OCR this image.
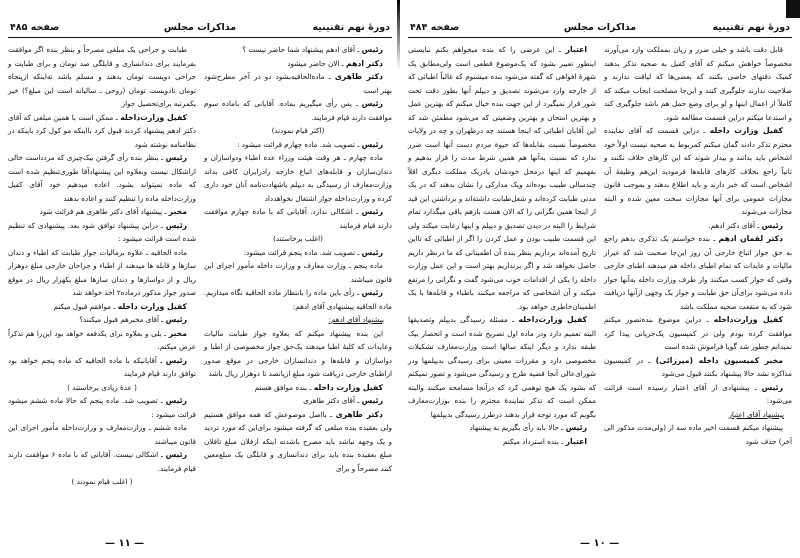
دورهٔ نهم تقنینیه
مذاکرات مجلس
صفحه ۴۸۵
رئیس ـ آقای ادهم پیشنهاد شما حاضر نیست ؟
دکتر ادهم ـ الان حاضر میشود
دکتر طاهری ـ ماده‌الحاقیه‌بشود دو در آخر مطرح‌شود بهتر است
رئیس ـ پس رأی میگیریم بماده. آقایانی که باماده سوم موافقت دارند قیام فرمایند.
(اکثر قیام نمودند)
رئیس ـ تصویب شد. ماده چهارم قرائت میشود :
ماده چهارم ـ هر وقت هیئت وزراء عده اطباء ودواسازان و دندان‌سازان و قابله‌های اتباع خارجه رادرایران کافی بداند وزارت‌معارف از رسیدگی به دیپلم یاشهادت‌نامه آنان خود داری کرده و وزارت‌داخله جواز اشتغال نخواهدداد
رئیس ـ اشکالی ندارد. آقایانی که با ماده چهارم موافقت دارند قیام فرمایند
(اغلب برخاستند)
رئیس ـ تصویب شد. ماده پنجم قرائت میشود:
ماده پنجم ـ وزارت معارف و وزارت داخله مأمور اجرای این قانون میباشند
رئیس ـ رأی باین ماده را بانتظار ماده الحاقیه نگاه میداریم. ماده الحاقیه پیشنهادی آقای ادهم:
پیشنهاد آقای ادهم:
این بنده پیشنهاد میکنم که بعلاوه جواز طبابت مالیات وعایدات که کلیهٔ اطبا میدهند یک‌حق جواز مخصوصی از اطبا و دواسازان و قابله‌ها و دندانسازان خارجی در موقع صدور ازاطبای خارجی دریافت شود مبلغ ازپانصد تا دوهزار ریال باشد
کفیل وزارت داخله ـ بنده موافق هستم
رئیس ـ آقای دکتر طاهری
دکتر طاهری ـ بااصل موضوعش که همه موافق هستیم ولی بعقیده بنده مبلغی که گرفته میشود برای‌این که مورد تردید و یک وجهه نباشد باید مصرح باشدنه اینکه ازفلان مبلغ تافلان مبلغ بعقیده بنده باید برای دندانسازی و قابلگی یک مبلغ‌معین کنند مصرحاً و برای
طبابت و جراحی یک مبلغی مصرحاً و بنظر بنده اگر موافقت بفرمایند برای دندانسازی و قابلگی صد تومان و برای طبابت و جراحی دویست تومان بدهند و مسلم باشد نه‌اینکه ازپنجاه تومان تادویست تومان (روحی ـ سالیانه است این مبلغ؟) خیر یکمرتبه برای‌تحصیل جواز
کفیل وزارت‌داخله ـ ممکن است با همین مبلغی که آقای دکتر ادهم پیشنهاد کردند قبول کرد بااینکه مو کول کرد باینکه در نظامنامه نوشته شود
رئیس ـ بنظر بنده رأی گرفتن بیک‌چیزی که مردداست خالی ازاشکال نیست وبعلاوه این پیشنهادآقا طوری‌تنظیم شده است که ماده نمیتواند بشود. اعاده میدهیم خود آقای کفیل وزارت‌داخله ماده را تنظیم کنند و اعاده بدهند
مخبر ـ پیشنهاد آقای دکتر طاهری هم قرائت شود
رئیس ـ دراین پیشنهاد توافق شود بعد. پیشنهادی که تنظیم شده است قرائت میشود :
ماده الحاقیه ـ علاوه برمالیات جواز طبابت که اطباء و دندان سازها و قابله ها میدهند از اطباء و جراحان خارجی مبلغ دوهزار ریال و از دواسازها و دندان سازها مبلغ یکهزار ریال در موقع صدور جواز مذکور درماده۲ اخذ خواهد شد
کفیل وزارت داخله ـ موافقم قبول میکنم
رئیس ـ آقای مخبرهم قبول میکنند؟
مخبر ـ بلی و بعلاوه برای یکدفعه خواهد بود این‌را هم تذکراً عرض میکنم.
رئیس ـ آقایانیکه با ماده الحاقیه که ماده پنجم خواهد بود توافق دارند قیام فرمایند
( عدهٔ زیادی برخاستند )
رئیس ـ تصویب شد. ماده پنجم که حالا ماده ششم میشود قرائت میشود :
ماده ششم ـ وزارت‌معارف و وزارت‌داخله مأمور اجرای این قانون میباشند
رئیس ـ اشکالی نیست. آقایانی که با ماده ۶ موافقت دارند قیام فرمایند.
( اغلب قیام نمودند )
— ۱۱ —
دورهٔ نهم تقنینیه
مذاکرات مجلس
صفحه ۴۸۴
قابل دقت باشد و خیلی ضرر و زیان بمملکت وارد می‌آورند مخصوصاً خواهش میکنم که آقای کفیل به صحیه تذکر بدهند کمیک دقتهای خاصی بکنند که بعضی‌ها که لیاقت ندارند و صلاحیت ندارند جلوگیری کنند و این‌جا مصلحت ایجاب میکند که کاملاً از اعمال اینها و لو برای وضع حمل هم باشد جلوگیری کند و استدعا میکنم دراین قسمت مطالعه شود.
کفیل وزارت داخله ـ دراین قسمت که آقای نماینده محترم تذکر دادند گمان میکنم کمربوط به صحیه نیست اولاً خود اشخاص باید بدانند و بیدار شوند که این کارهای خلاف نکنند و ثانیاً راجع بخلاف کارهای قابله‌ها فرمودید این‌هم وظیفهٔ آن اشخاص است که خبر دارند و باید اطلاع بدهند و بموجب قانون مجازات عمومی برای آنها مجازات سخت معین شده و البته مجازات می‌شوند
رئیس ـ آقای دکتر ادهم.
دکتر لقمان ادهم ـ بنده خواستم یک تذکری بدهم راجع به حق جواز اتباع خارجی آن روز این‌جا صحبت شد که غیراز مالیات و عایدات که تمام اطبای داخله هم میدهند اطبای خارجی وقتی که جواز کسب میکنند واز طرف وزارت داخله به‌آنها جواز داده می‌شود برای‌آن حق طبابت و جواز یک وجهی ازآنها دریافت شود که به منفعت صحیه مملکت باشد
کفیل وزارت‌داخله ـ دراین موضوع بنده‌تصور میکنم موافقت کرده بودم ولی در کمیسیون یک‌جریانی پیدا کرد نمیدانم چطور شد گویا فراموش شده است
مخبر کمیسیون داخله (میرزائی) ـ در کمیسیون مذاکره نشد حالا پیشنهاد بکنند قبول می‌شود
رئیس ـ پیشنهادی از آقای اعتبار رسیده است قرائت می‌شود:
پیشنهاد آقای اعتبار
پیشنهاد میکنم قسمت اخیر ماده سه از (ولی‌مدت مذکور الی آخر) حذف شود
اعتبار ـ این عرضی را که بنده میخواهم بکنم نبایستی اینطور تعبیر بشود که یک‌موضوع قطعی است ولی‌مطابق یک شهرهٔ افواهی که گفته می‌شود بنده میشنوم که غالباً اطبائی که از خارجه وارد می‌شوند تصدیق و دیپلم آنها بطور دقت تحت شور قرار نمیگیرد از این جهت بنده خیال میکنم که بهترین عمل و بهترین امتحان و بهترین وضعیتی که می‌شود مطمئن شد که این آقایان اطبائی که اینجا هستند چه درطهران و چه در ولایات مخصوصاً نسبت بقابله‌ها که حیوة مردم دست آنها است ضرر ندارد که نسبت به‌آنها هم همین شرط مدت را قرار بدهیم و بفهمیم که اینها درمحل خودشان یادریک مملکت دیگری اقلاً چندسالی طبیب بوده‌اند ویک مدارکی را نشان بدهند که در یک مدتی طبابت کرده‌اند و شغل‌طبابت داشته‌اند و برداشتن این قید از اینجا همین نگرانی را که الان هست بازهم باقی میگذارد تمام شرایط را البته در دیدن تصدیق و دیپلم و اینها رعایت میکند ولی این قسمت طبیب بودن و عمل کردن را اگر از اطبائی که تااین تاریخ آمده‌اند برداریم بنظر بنده آن اطمینانی که ما درنظر داریم حاصل نخواهد شد و اگر برنداریم بهتر است و این عمل وزارت داخله را یکی از اقدامات خوب می‌شود گفت و نگرانی را مرتفع میکند و آن اشخاصی که مراجعه میکنند باطباء و قابله‌ها با یک اطمینان‌خاطری خواهد بود.
کفیل وزارت‌داخله ـ مسئله رسیدگی بدیپلم وتصدیقها البته تعمیم دارد ودر ماده اول تصریح شده است و انحصار بیک طبقه ندارد و دیگر اینکه سالها است وزارت‌معارف تشکیلات مخصوصی دارد و مقررات معینی برای رسیدگی بدیپلمها ودر شورای‌عالی آنجا قضیه طرح و رسیدگی می‌شود و تصور نمیکنم که بشود یک هیچ توهمی کرد که درآنجا مسامحه میکنند والبته ممکن است که تذکر نمایندهٔ محترم را بنده بوزارت‌معارف بگویم که مورد توجه قرار بدهند درطرز رسیدگی بدیپلمها
رئیس ـ حالا باید رأی بگیریم به پیشنهاد
اعتبار ـ بنده استرداد میکنم
— ۱۰ —
